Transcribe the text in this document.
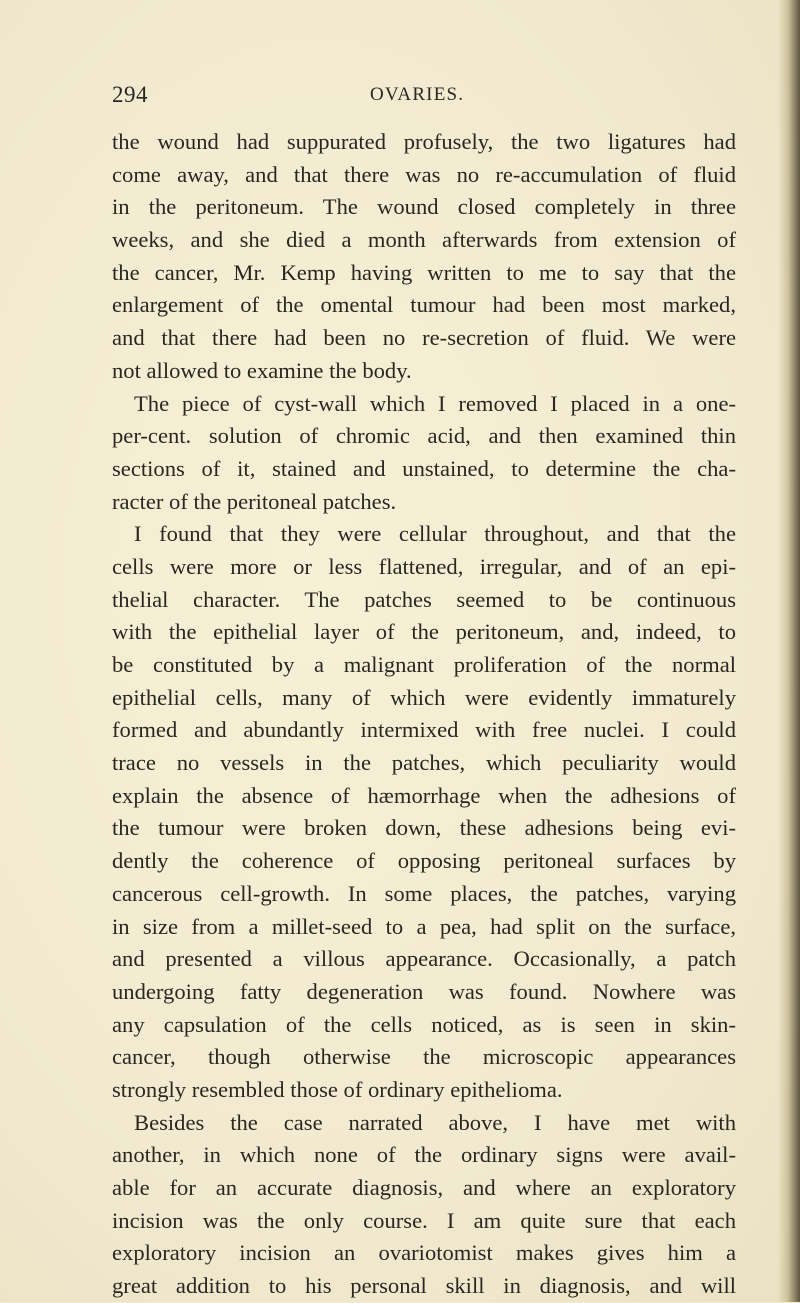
294	OVARIES.
the wound had suppurated profusely, the two ligatures had
come away, and that there was no re-accumulation of fluid
in the peritoneum. The wound closed completely in three
weeks, and she died a month afterwards from extension of
the cancer, Mr. Kemp having written to me to say that the
enlargement of the omental tumour had been most marked,
and that there had been no re-secretion of fluid. We were
not allowed to examine the body.
The piece of cyst-wall which I removed I placed in a one-
per-cent. solution of chromic acid, and then examined thin
sections of it, stained and unstained, to determine the cha-
racter of the peritoneal patches.
I found that they were cellular throughout, and that the
cells were more or less flattened, irregular, and of an epi-
thelial character. The patches seemed to be continuous
with the epithelial layer of the peritoneum, and, indeed, to
be constituted by a malignant proliferation of the normal
epithelial cells, many of which were evidently immaturely
formed and abundantly intermixed with free nuclei. I could
trace no vessels in the patches, which peculiarity would
explain the absence of hæmorrhage when the adhesions of
the tumour were broken down, these adhesions being evi-
dently the coherence of opposing peritoneal surfaces by
cancerous cell-growth. In some places, the patches, varying
in size from a millet-seed to a pea, had split on the surface,
and presented a villous appearance. Occasionally, a patch
undergoing fatty degeneration was found. Nowhere was
any capsulation of the cells noticed, as is seen in skin-
cancer, though otherwise the microscopic appearances
strongly resembled those of ordinary epithelioma.
Besides the case narrated above, I have met with
another, in which none of the ordinary signs were avail-
able for an accurate diagnosis, and where an exploratory
incision was the only course. I am quite sure that each
exploratory incision an ovariotomist makes gives him a
great addition to his personal skill in diagnosis, and will
